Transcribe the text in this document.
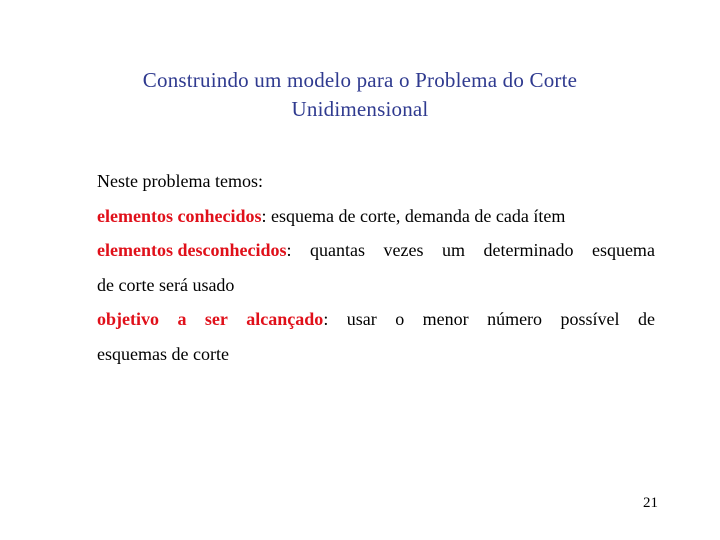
Construindo um modelo para o Problema do Corte
Unidimensional
Neste problema temos:
elementos conhecidos: esquema de corte, demanda de cada ítem
elementos desconhecidos: quantas vezes um determinado esquema
de corte será usado
objetivo a ser alcançado: usar o menor número possível de
esquemas de corte
21
